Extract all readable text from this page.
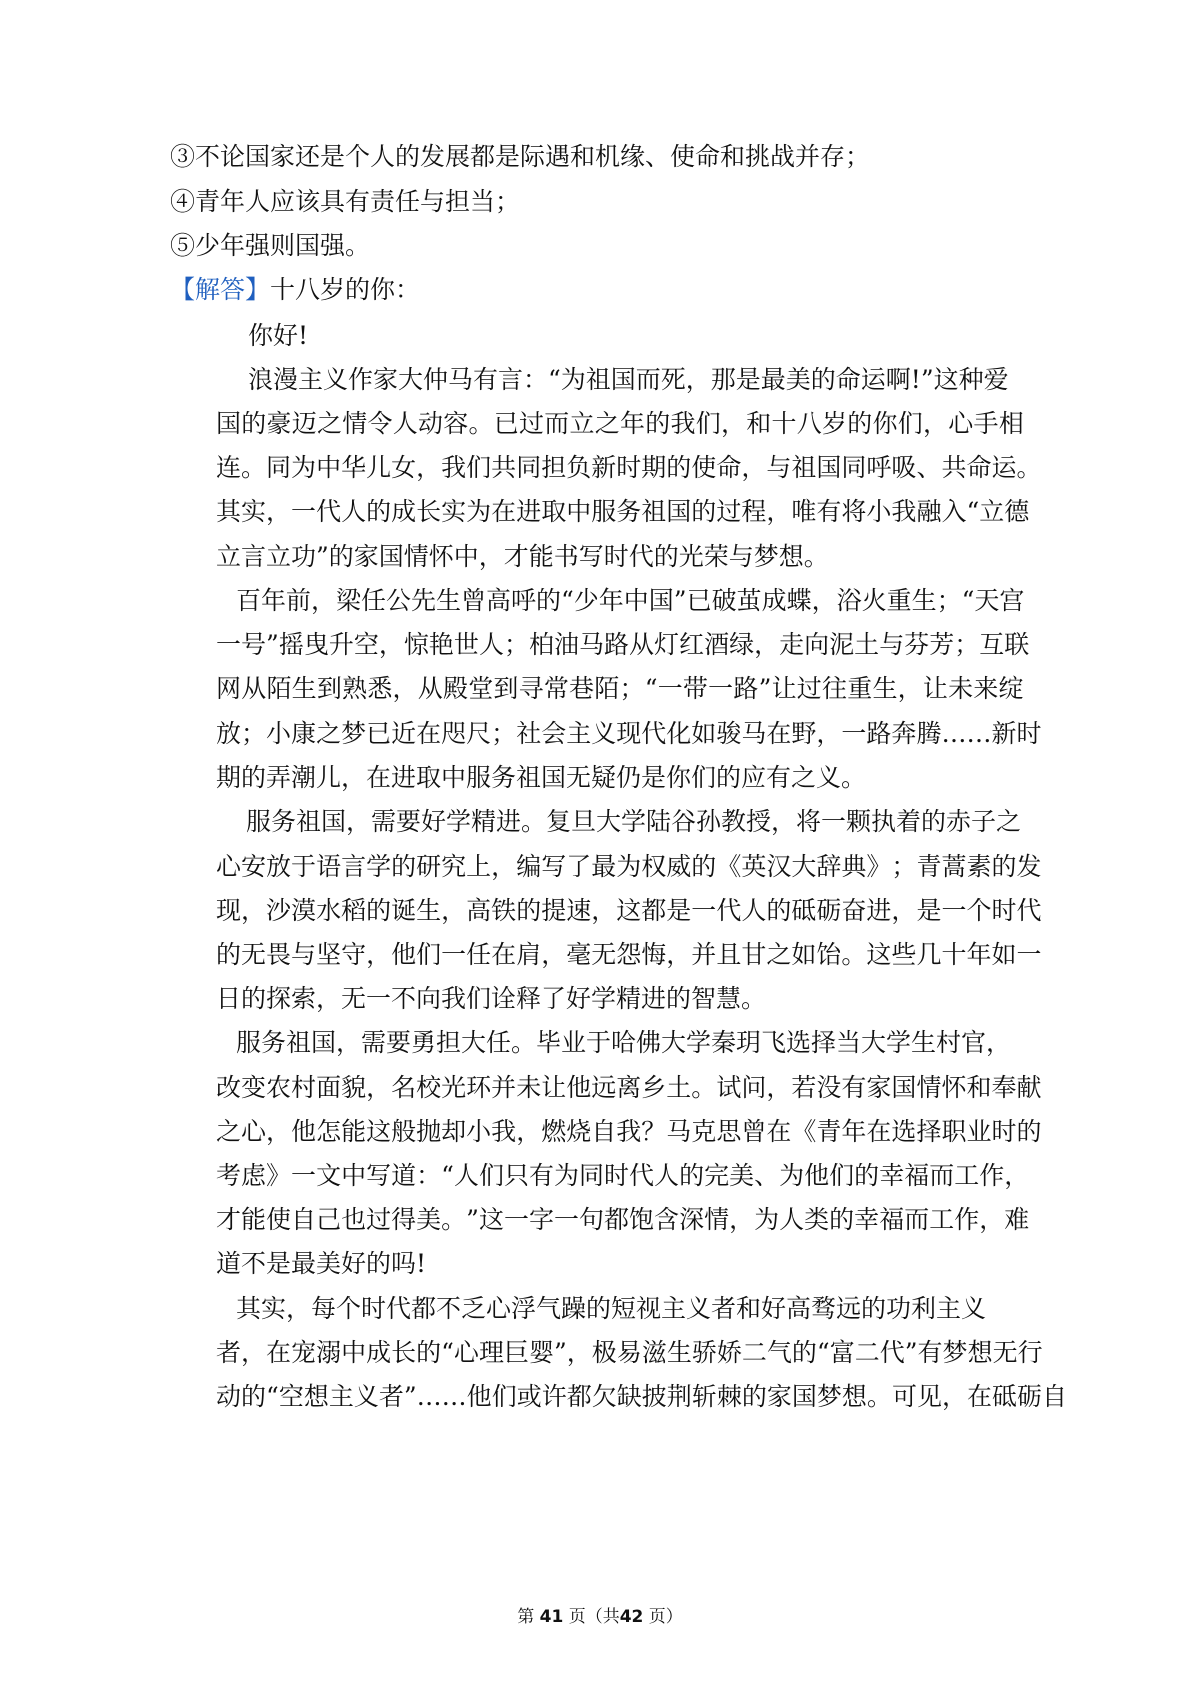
③不论国家还是个人的发展都是际遇和机缘、使命和挑战并存；
④青年人应该具有责任与担当；
⑤少年强则国强。
【解答】十八岁的你：
你好!
浪漫主义作家大仲马有言：“为祖国而死，那是最美的命运啊!”这种爱
国 的 豪 迈 之 情 令 人 动 容 。 已 过 而 立 之 年 的 我 们 ， 和 十 八 岁 的 你 们 ， 心 手 相
连 。 同 为 中 华 儿 女 ， 我 们 共 同 担 负 新 时 期 的 使 命 ， 与 祖 国 同 呼 吸 、 共 命 运 。
其 实 ， 一 代 人 的 成 长 实 为 在 进 取 中 服 务 祖 国 的 过 程 ， 唯 有 将 小 我 融 入 “ 立 德
立言立功”的家国情怀中，才能书写时代的光荣与梦想。
百年前，梁任公先生曾高呼的“少年中国”已破茧成蝶，浴火重生；“天宫
一 号 ” 摇 曳 升 空 ， 惊 艳 世 人 ； 柏 油 马 路 从 灯 红 酒 绿 ， 走 向 泥 土 与 芬 芳 ； 互 联
网 从 陌 生 到 熟 悉 ， 从 殿 堂 到 寻 常 巷 陌 ； “ 一 带 一 路 ” 让 过 往 重 生 ， 让 未 来 绽
放 ； 小 康 之 梦 已 近 在 咫 尺 ； 社 会 主 义 现 代 化 如 骏 马 在 野 ， 一 路 奔 腾 … … 新 时
期的弄潮儿，在进取中服务祖国无疑仍是你们的应有之义。
服务祖国，需要好学精进。复旦大学陆谷孙教授，将一颗执着的赤子之
心 安 放 于 语 言 学 的 研 究 上 ， 编 写 了 最 为 权 威 的 《 英 汉 大 辞 典 》 ； 青 蒿 素 的 发
现 ， 沙 漠 水 稻 的 诞 生 ， 高 铁 的 提 速 ， 这 都 是 一 代 人 的 砥 砺 奋 进 ， 是 一 个 时 代
的 无 畏 与 坚 守 ， 他 们 一 任 在 肩 ， 毫 无 怨 悔 ， 并 且 甘 之 如 饴 。 这 些 几 十 年 如 一
日的探索，无一不向我们诠释了好学精进的智慧。
服务祖国，需要勇担大任。毕业于哈佛大学秦玥飞选择当大学生村官，
改 变 农 村 面 貌 ， 名 校 光 环 并 未 让 他 远 离 乡 土 。 试 问 ， 若 没 有 家 国 情 怀 和 奉 献
之 心 ， 他 怎 能 这 般 抛 却 小 我 ， 燃 烧 自 我 ？ 马 克 思 曾 在 《 青 年 在 选 择 职 业 时 的
考 虑 》 一 文 中 写 道 ： “ 人 们 只 有 为 同 时 代 人 的 完 美 、 为 他 们 的 幸 福 而 工 作 ，
才 能 使 自 己 也 过 得 美 。 ” 这 一 字 一 句 都 饱 含 深 情 ， 为 人 类 的 幸 福 而 工 作 ， 难
道不是最美好的吗!
其实，每个时代都不乏心浮气躁的短视主义者和好高骛远的功利主义
者 ， 在 宠 溺 中 成 长 的 “ 心 理 巨 婴 ” ， 极 易 滋 生 骄 娇 二 气 的 “ 富 二 代 ” 有 梦 想 无 行
动 的 “ 空 想 主 义 者 ” … … 他 们 或 许 都 欠 缺 披 荆 斩 棘 的 家 国 梦 想 。 可 见 ， 在 砥 砺 自
第 41 页（共42 页）
